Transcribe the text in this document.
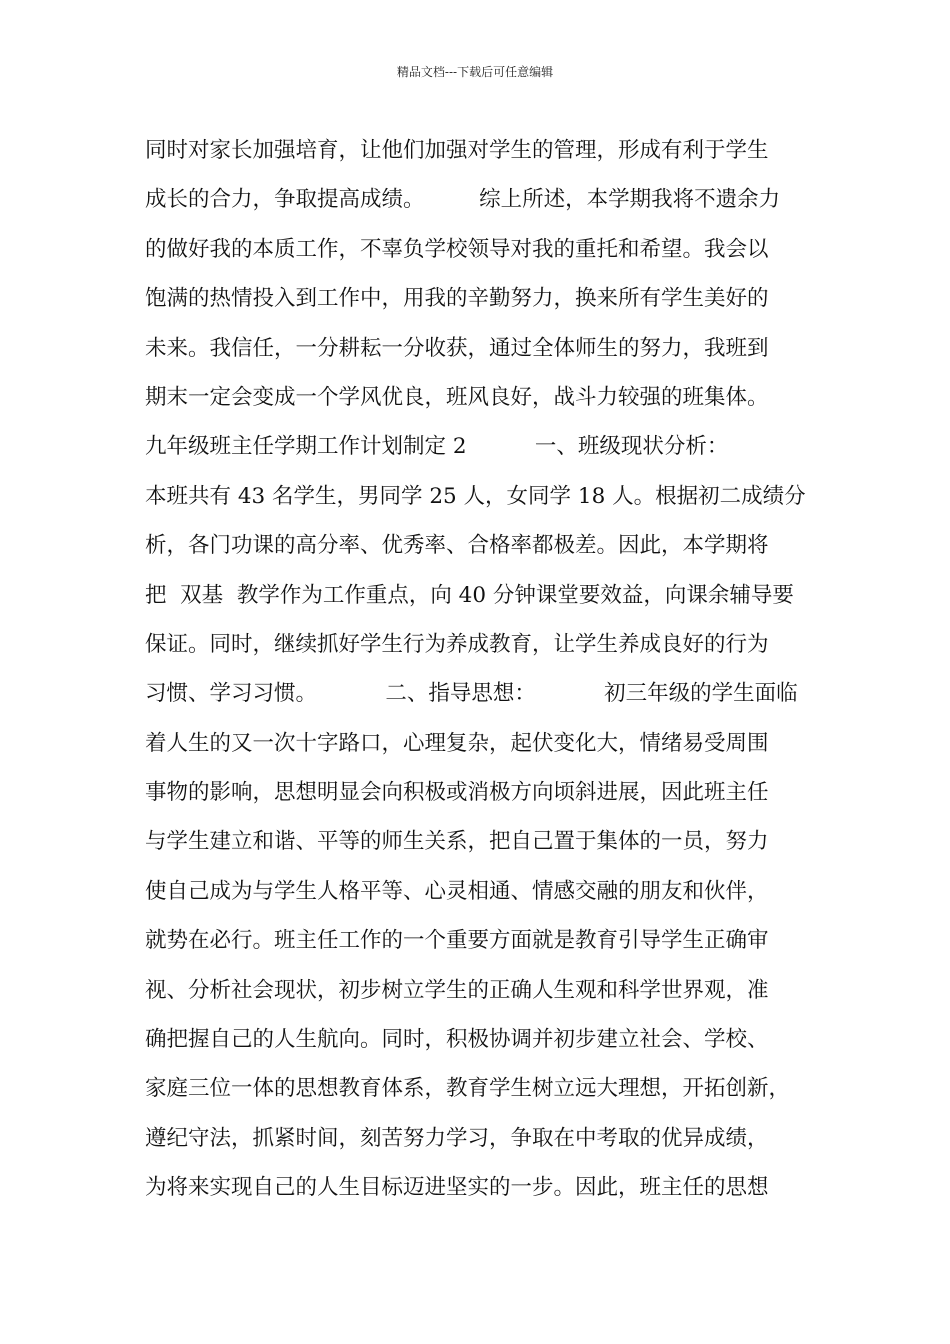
精品文档---下载后可任意编辑
同时对家长加强培育，让他们加强对学生的管理，形成有利于学生
成长的合力，争取提高成绩。        综上所述，本学期我将不遗余力
的做好我的本质工作，不辜负学校领导对我的重托和希望。我会以
饱满的热情投入到工作中，用我的辛勤努力，换来所有学生美好的
未来。我信任，一分耕耘一分收获，通过全体师生的努力，我班到
期末一定会变成一个学风优良，班风良好，战斗力较强的班集体。
九年级班主任学期工作计划制定 2          一、班级现状分析：
本班共有 43 名学生，男同学 25 人，女同学 18 人。根据初二成绩分
析，各门功课的高分率、优秀率、合格率都极差。因此，本学期将
把  双基  教学作为工作重点，向 40 分钟课堂要效益，向课余辅导要
保证。同时，继续抓好学生行为养成教育，让学生养成良好的行为
习惯、学习习惯。          二、指导思想：          初三年级的学生面临
着人生的又一次十字路口，心理复杂，起伏变化大，情绪易受周围
事物的影响，思想明显会向积极或消极方向顷斜进展，因此班主任
与学生建立和谐、平等的师生关系，把自己置于集体的一员，努力
使自己成为与学生人格平等、心灵相通、情感交融的朋友和伙伴，
就势在必行。班主任工作的一个重要方面就是教育引导学生正确审
视、分析社会现状，初步树立学生的正确人生观和科学世界观，准
确把握自己的人生航向。同时，积极协调并初步建立社会、学校、
家庭三位一体的思想教育体系，教育学生树立远大理想，开拓创新，
遵纪守法，抓紧时间，刻苦努力学习，争取在中考取的优异成绩，
为将来实现自己的人生目标迈进坚实的一步。因此，班主任的思想
